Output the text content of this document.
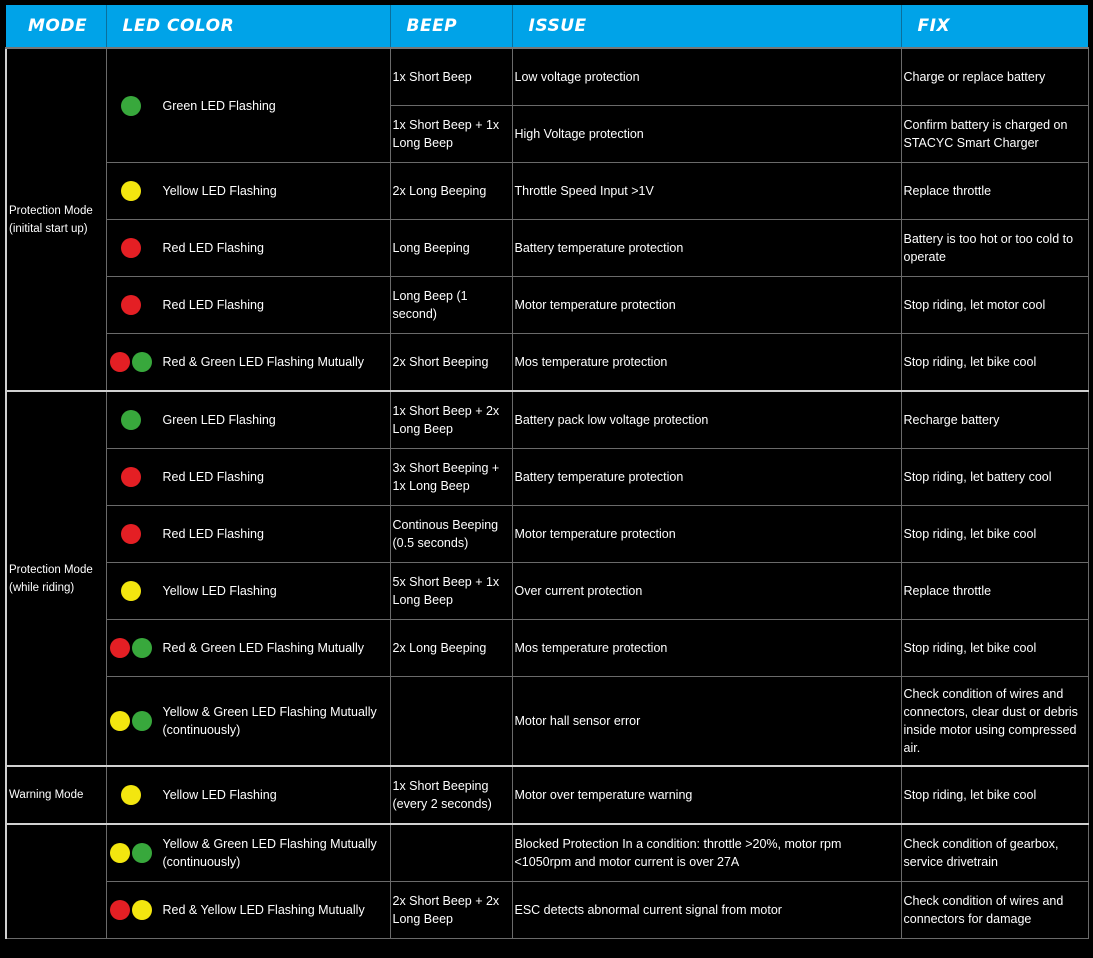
MODE	LED COLOR	BEEP	ISSUE	FIX
Protection Mode (initital start up)	Green LED Flashing	1x Short Beep	Low voltage protection	Charge or replace battery
		1x Short Beep + 1x Long Beep	High Voltage protection	Confirm battery is charged on STACYC Smart Charger

	Yellow LED Flashing	2x Long Beeping	Throttle Speed Input >1V	Replace throttle

	Red LED Flashing	Long Beeping	Battery temperature protection	Battery is too hot or too cold to operate

	Red LED Flashing	Long Beep (1 second)	Motor temperature protection	Stop riding, let motor cool

	Red & Green LED Flashing Mutually	2x Short Beeping	Mos temperature protection	Stop riding, let bike cool
Protection Mode (while riding)	Green LED Flashing	1x Short Beep + 2x Long Beep	Battery pack low voltage protection	Recharge battery

	Red LED Flashing	3x Short Beeping + 1x Long Beep	Battery temperature protection	Stop riding, let battery cool

	Red LED Flashing	Continous Beeping (0.5 seconds)	Motor temperature protection	Stop riding, let bike cool

	Yellow LED Flashing	5x Short Beep + 1x Long Beep	Over current protection	Replace throttle

	Red & Green LED Flashing Mutually	2x Long Beeping	Mos temperature protection	Stop riding, let bike cool

	Yellow & Green LED Flashing Mutually (continuously)		Motor hall sensor error	Check condition of wires and connectors, clear dust or debris inside motor using compressed air.
Warning Mode	Yellow LED Flashing	1x Short Beeping (every 2 seconds)	Motor over temperature warning	Stop riding, let bike cool

	Yellow & Green LED Flashing Mutually (continuously)		Blocked Protection In a condition: throttle >20%, motor rpm <1050rpm and motor current is over 27A	Check condition of gearbox, service drivetrain

	Red & Yellow LED Flashing Mutually	2x Short Beep + 2x Long Beep	ESC detects abnormal current signal from motor	Check condition of wires and connectors for damage
